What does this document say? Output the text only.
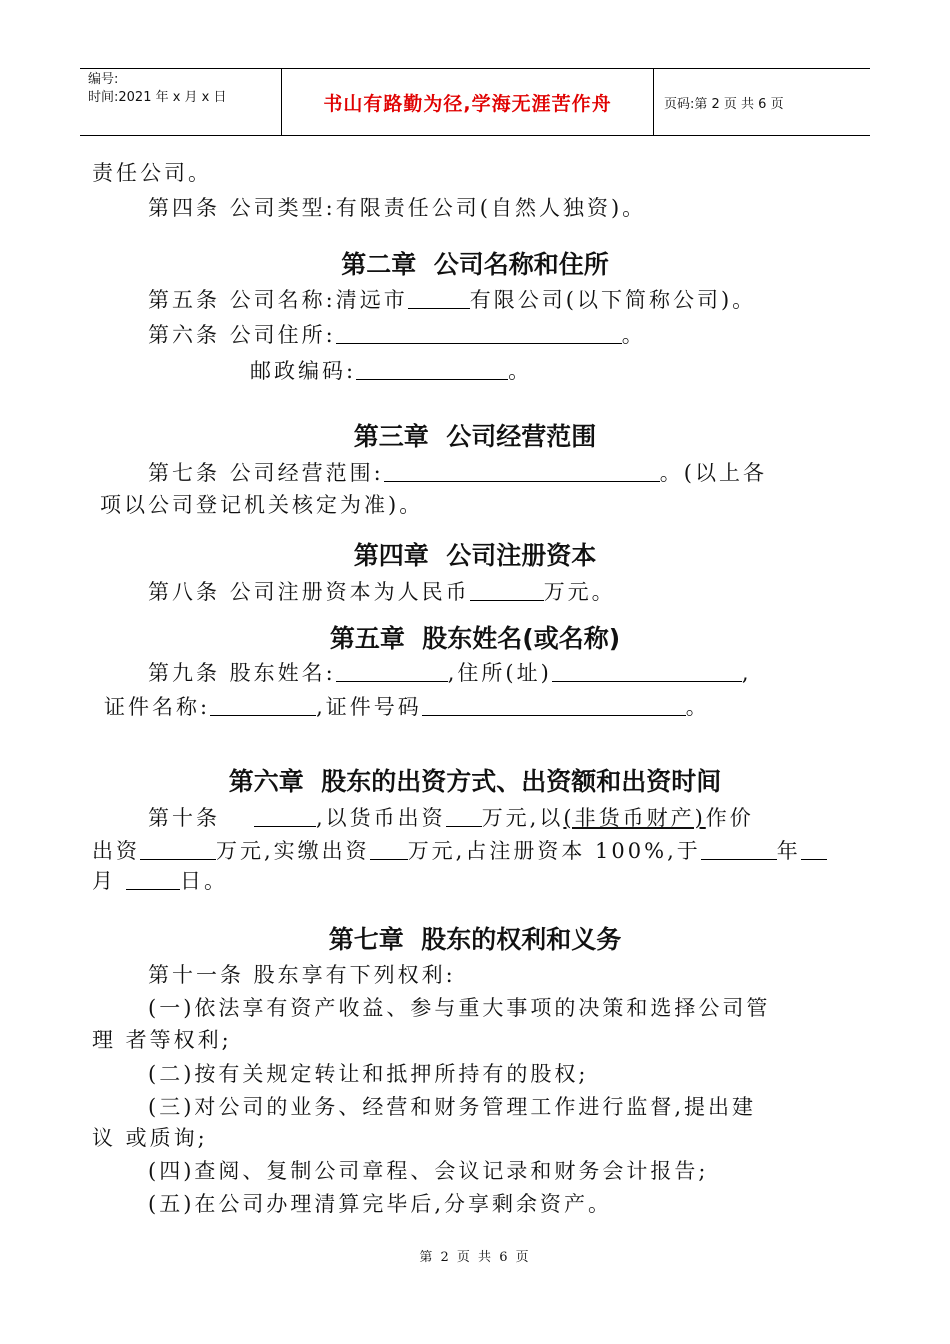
编号:
时间:2021 年 x 月 x 日	书山有路勤为径,学海无涯苦作舟	页码:第 2 页 共 6 页
责任公司。
第四条 公司类型:有限责任公司(自然人独资)。
第二章  公司名称和住所
第五条 公司名称:清远市	有限公司(以下简称公司)。
第六条 公司住所:	。
邮政编码:	。
第三章  公司经营范围
第七条 公司经营范围:	。(以上各
项以公司登记机关核定为准)。
第四章  公司注册资本
第八条 公司注册资本为人民币	万元。
第五章  股东姓名(或名称)
第九条 股东姓名:	,住所(址)	,
证件名称:	,证件号码	。
第六章  股东的出资方式、出资额和出资时间
第十条	,以货币出资 万元,以(非货币财产)作价
出资	万元,实缴出资 万元,占注册资本 100%,于	年
月	日。
第七章  股东的权利和义务
第十一条 股东享有下列权利:
(一)依法享有资产收益、参与重大事项的决策和选择公司管
理 者等权利;
(二)按有关规定转让和抵押所持有的股权;
(三)对公司的业务、经营和财务管理工作进行监督,提出建
议 或质询;
(四)查阅、复制公司章程、会议记录和财务会计报告;
(五)在公司办理清算完毕后,分享剩余资产。
第 2 页 共 6 页
